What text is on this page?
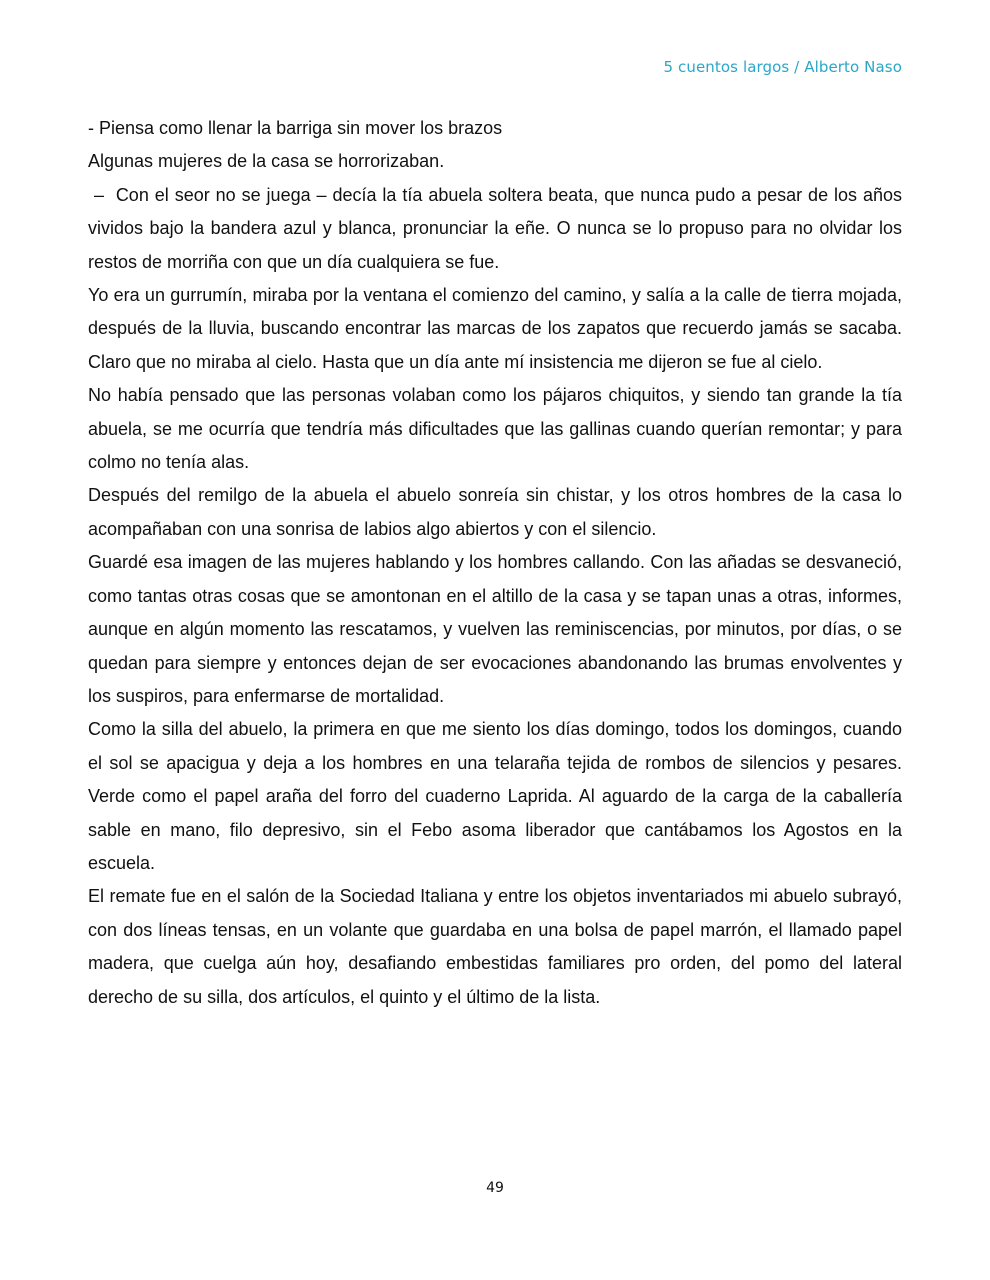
5 cuentos largos / Alberto Naso

- Piensa como llenar la barriga sin mover los brazos

Algunas mujeres de la casa se horrorizaban.

–  Con el seor no se juega – decía la tía abuela soltera beata, que nunca pudo a pesar de los años vividos bajo la bandera azul y blanca, pronunciar la eñe. O nunca se lo propuso para no olvidar los restos de morriña con que un día cualquiera se fue.

Yo era un gurrumín, miraba por la ventana el comienzo del camino, y salía a la calle de tierra mojada, después de la lluvia, buscando encontrar las marcas de los zapatos que recuerdo jamás se sacaba. Claro que no miraba al cielo. Hasta que un día ante mí insistencia me dijeron se fue al cielo.

No había pensado que las personas volaban como los pájaros chiquitos, y siendo tan grande la tía abuela, se me ocurría que tendría más dificultades que las gallinas cuando querían remontar; y para colmo no tenía alas.

Después del remilgo de la abuela el abuelo sonreía sin chistar, y los otros hombres de la casa lo acompañaban con una sonrisa de labios algo abiertos y con el silencio.

Guardé esa imagen de las mujeres hablando y los hombres callando. Con las añadas se desvaneció, como tantas otras cosas que se amontonan en el altillo de la casa y se tapan unas a otras, informes, aunque en algún momento las rescatamos, y vuelven las reminiscencias, por minutos, por días, o se quedan para siempre y entonces dejan de ser evocaciones abandonando las brumas envolventes y los suspiros, para enfermarse de mortalidad.

Como la silla del abuelo, la primera en que me siento los días domingo, todos los domingos, cuando el sol se apacigua y deja a los hombres en una telaraña tejida de rombos de silencios y pesares. Verde como el papel araña del forro del cuaderno Laprida. Al aguardo de la carga de la caballería sable en mano, filo depresivo, sin el Febo asoma liberador que cantábamos los Agostos en la escuela.

El remate fue en el salón de la Sociedad Italiana y entre los objetos inventariados mi abuelo subrayó, con dos líneas tensas, en un volante que guardaba en una bolsa de papel marrón, el llamado papel madera, que cuelga aún hoy, desafiando embestidas familiares pro orden, del pomo del lateral derecho de su silla, dos artículos, el quinto y el último de la lista.

49
